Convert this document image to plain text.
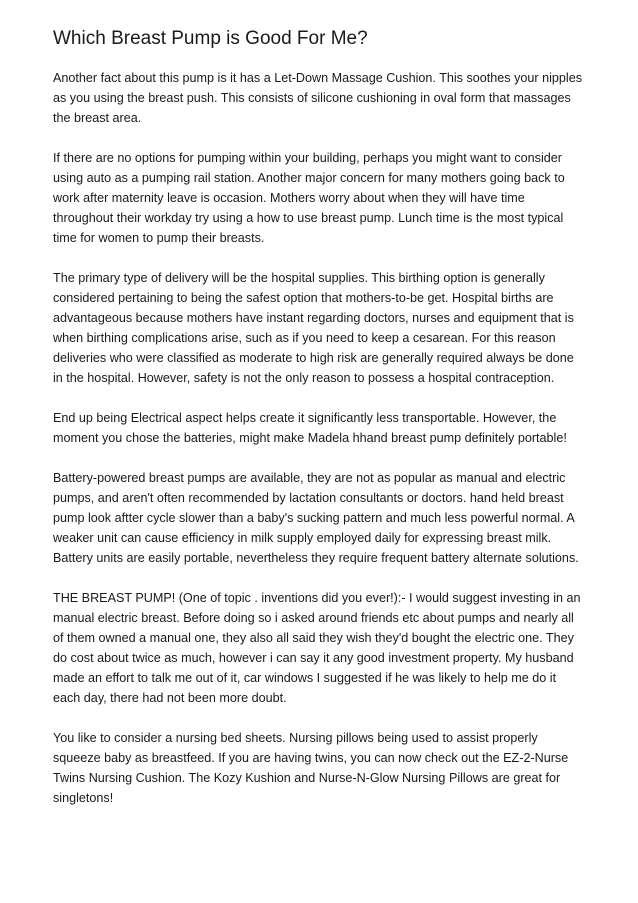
Which Breast Pump is Good For Me?

Another fact about this pump is it has a Let-Down Massage Cushion. This soothes your nipples as you using the breast push. This consists of silicone cushioning in oval form that massages the breast area.

If there are no options for pumping within your building, perhaps you might want to consider using auto as a pumping rail station. Another major concern for many mothers going back to work after maternity leave is occasion. Mothers worry about when they will have time throughout their workday try using a how to use breast pump. Lunch time is the most typical time for women to pump their breasts.

The primary type of delivery will be the hospital supplies. This birthing option is generally considered pertaining to being the safest option that mothers-to-be get. Hospital births are advantageous because mothers have instant regarding doctors, nurses and equipment that is when birthing complications arise, such as if you need to keep a cesarean. For this reason deliveries who were classified as moderate to high risk are generally required always be done in the hospital. However, safety is not the only reason to possess a hospital contraception.

End up being Electrical aspect helps create it significantly less transportable. However, the moment you chose the batteries, might make Madela hhand breast pump definitely portable!

Battery-powered breast pumps are available, they are not as popular as manual and electric pumps, and aren't often recommended by lactation consultants or doctors. hand held breast pump look aftter cycle slower than a baby's sucking pattern and much less powerful normal. A weaker unit can cause efficiency in milk supply employed daily for expressing breast milk. Battery units are easily portable, nevertheless they require frequent battery alternate solutions.

THE BREAST PUMP! (One of topic . inventions did you ever!):- I would suggest investing in an manual electric breast. Before doing so i asked around friends etc about pumps and nearly all of them owned a manual one, they also all said they wish they'd bought the electric one. They do cost about twice as much, however i can say it any good investment property. My husband made an effort to talk me out of it, car windows I suggested if he was likely to help me do it each day, there had not been more doubt.

You like to consider a nursing bed sheets. Nursing pillows being used to assist properly squeeze baby as breastfeed. If you are having twins, you can now check out the EZ-2-Nurse Twins Nursing Cushion. The Kozy Kushion and Nurse-N-Glow Nursing Pillows are great for singletons!
